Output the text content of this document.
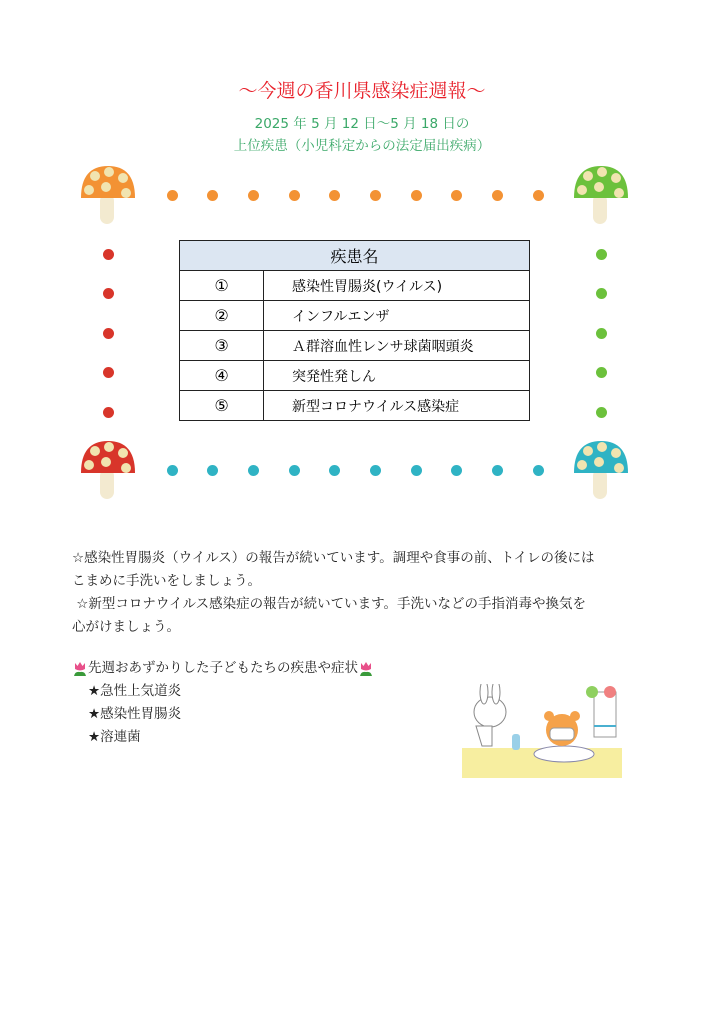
～今週の香川県感染症週報～
2025 年 5 月 12 日～5 月 18 日の
上位疾患（小児科定からの法定届出疾病）
疾患名	
①	感染性胃腸炎(ウイルス)
②	インフルエンザ
③	Ａ群溶血性レンサ球菌咽頭炎
④	突発性発しん
⑤	新型コロナウイルス感染症
☆感染性胃腸炎（ウイルス）の報告が続いています。調理や食事の前、トイレの後には
こまめに手洗いをしましょう。
☆新型コロナウイルス感染症の報告が続いています。手洗いなどの手指消毒や換気を
心がけましょう。
先週おあずかりした子どもたちの疾患や症状
★急性上気道炎
★感染性胃腸炎
★溶連菌
